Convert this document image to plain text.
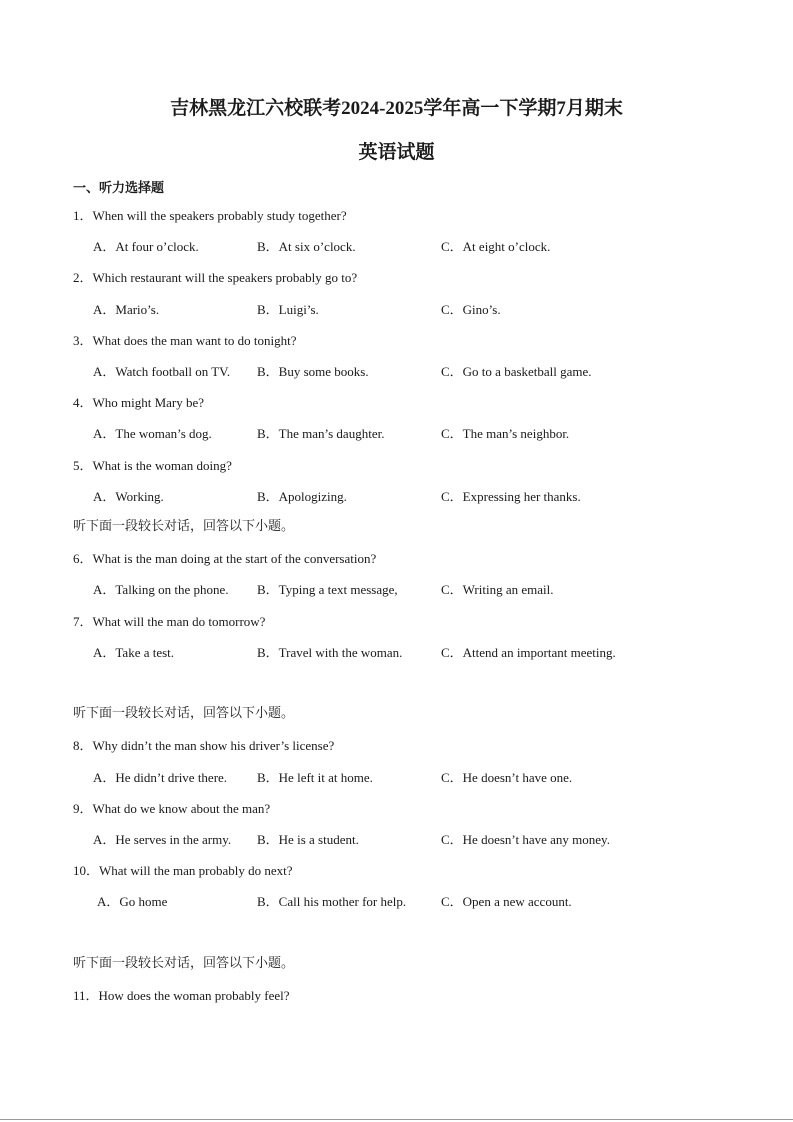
吉林黑龙江六校联考2024-2025学年高一下学期7月期末
英语试题
一、听力选择题
1．When will the speakers probably study together?
A．At four o’clock.	B．At six o’clock.	C．At eight o’clock.
2．Which restaurant will the speakers probably go to?
A．Mario’s.	B．Luigi’s.	C．Gino’s.
3．What does the man want to do tonight?
A．Watch football on TV. B．Buy some books.	C．Go to a basketball game.
4．Who might Mary be?
A．The woman’s dog.	B．The man’s daughter.	C．The man’s neighbor.
5．What is the woman doing?
A．Working.	B．Apologizing.	C．Expressing her thanks.
听下面一段较长对话，回答以下小题。
6．What is the man doing at the start of the conversation?
A．Talking on the phone. B．Typing a text message,	C．Writing an email.
7．What will the man do tomorrow?
A．Take a test.	B．Travel with the woman.	C．Attend an important meeting.
听下面一段较长对话，回答以下小题。
8．Why didn’t the man show his driver’s license?
A．He didn’t drive there. B．He left it at home.	C．He doesn’t have one.
9．What do we know about the man?
A．He serves in the army. B．He is a student.	C．He doesn’t have any money.
10．What will the man probably do next?
A．Go home	B．Call his mother for help.	C．Open a new account.
听下面一段较长对话，回答以下小题。
11．How does the woman probably feel?
